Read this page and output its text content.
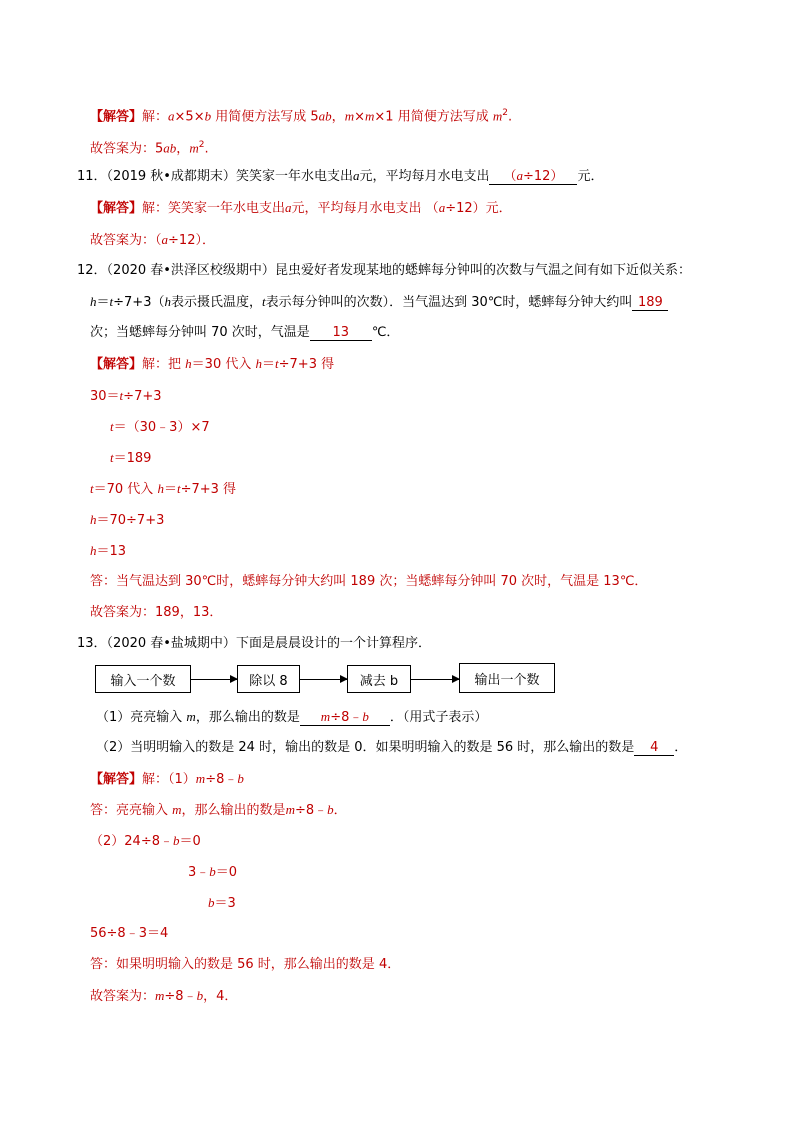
【解答】解：a×5×b 用简便方法写成 5ab，m×m×1 用简便方法写成 $m^2$.
故答案为：5ab，$m^2$.
11．（2019 秋•成都期末）笑笑家一年水电支出a元，平均每月水电支出 （a÷12） 元．
【解答】解：笑笑家一年水电支出a元，平均每月水电支出 （a÷12）元．
故答案为：（a÷12）．
12．（2020 春•洪泽区校级期中）昆虫爱好者发现某地的蟋蟀每分钟叫的次数与气温之间有如下近似关系：
h＝t÷7+3（h表示摄氏温度，t表示每分钟叫的次数）．当气温达到 30℃时，蟋蟀每分钟大约叫 189
次；当蟋蟀每分钟叫 70 次时，气温是 13 ℃．
【解答】解：把 h＝30 代入 h＝t÷7+3 得
30＝t÷7+3
t＝（30﹣3）×7
t＝189
t＝70 代入 h＝t÷7+3 得
h＝70÷7+3
h＝13
答：当气温达到 30℃时，蟋蟀每分钟大约叫 189 次；当蟋蟀每分钟叫 70 次时，气温是 13℃．
故答案为：189，13．
13．（2020 春•盐城期中）下面是晨晨设计的一个计算程序．
输入一个数	除以 8	减去 b	输出一个数
（1）亮亮输入 m，那么输出的数是 m÷8﹣b ．（用式子表示）
（2）当明明输入的数是 24 时，输出的数是 0．如果明明输入的数是 56 时，那么输出的数是 4 ．
【解答】解：（1）m÷8﹣b
答：亮亮输入 m，那么输出的数是m÷8﹣b．
（2）24÷8﹣b＝0
3﹣b＝0
b＝3
56÷8﹣3＝4
答：如果明明输入的数是 56 时，那么输出的数是 4．
故答案为：m÷8﹣b，4．
